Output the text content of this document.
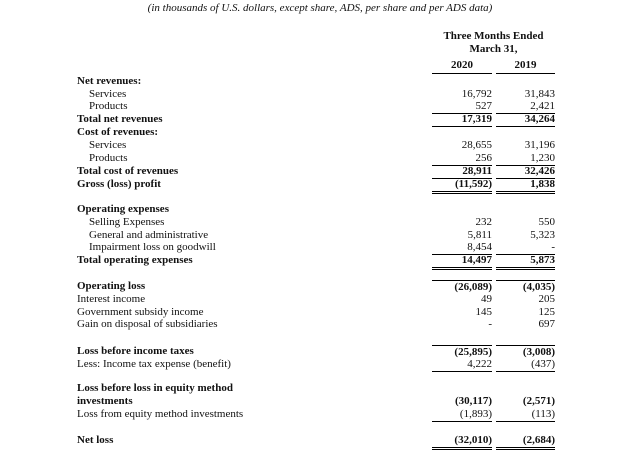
(in thousands of U.S. dollars, except share, ADS, per share and per ADS data)
Three Months Ended
March 31,
2020	2019
Net revenues:
Services	16,792	31,843
Products	527	2,421
Total net revenues	17,319	34,264
Cost of revenues:
Services	28,655	31,196
Products	256	1,230
Total cost of revenues	28,911	32,426
Gross (loss) profit	(11,592)	1,838
Operating expenses
Selling Expenses	232	550
General and administrative	5,811	5,323
Impairment loss on goodwill	8,454	-
Total operating expenses	14,497	5,873
Operating loss	(26,089)	(4,035)
Interest income	49	205
Government subsidy income	145	125
Gain on disposal of subsidiaries	-	697
Loss before income taxes	(25,895)	(3,008)
Less: Income tax expense (benefit)	4,222	(437)
Loss before loss in equity method
investments	(30,117)	(2,571)
Loss from equity method investments	(1,893)	(113)
Net loss	(32,010)	(2,684)
